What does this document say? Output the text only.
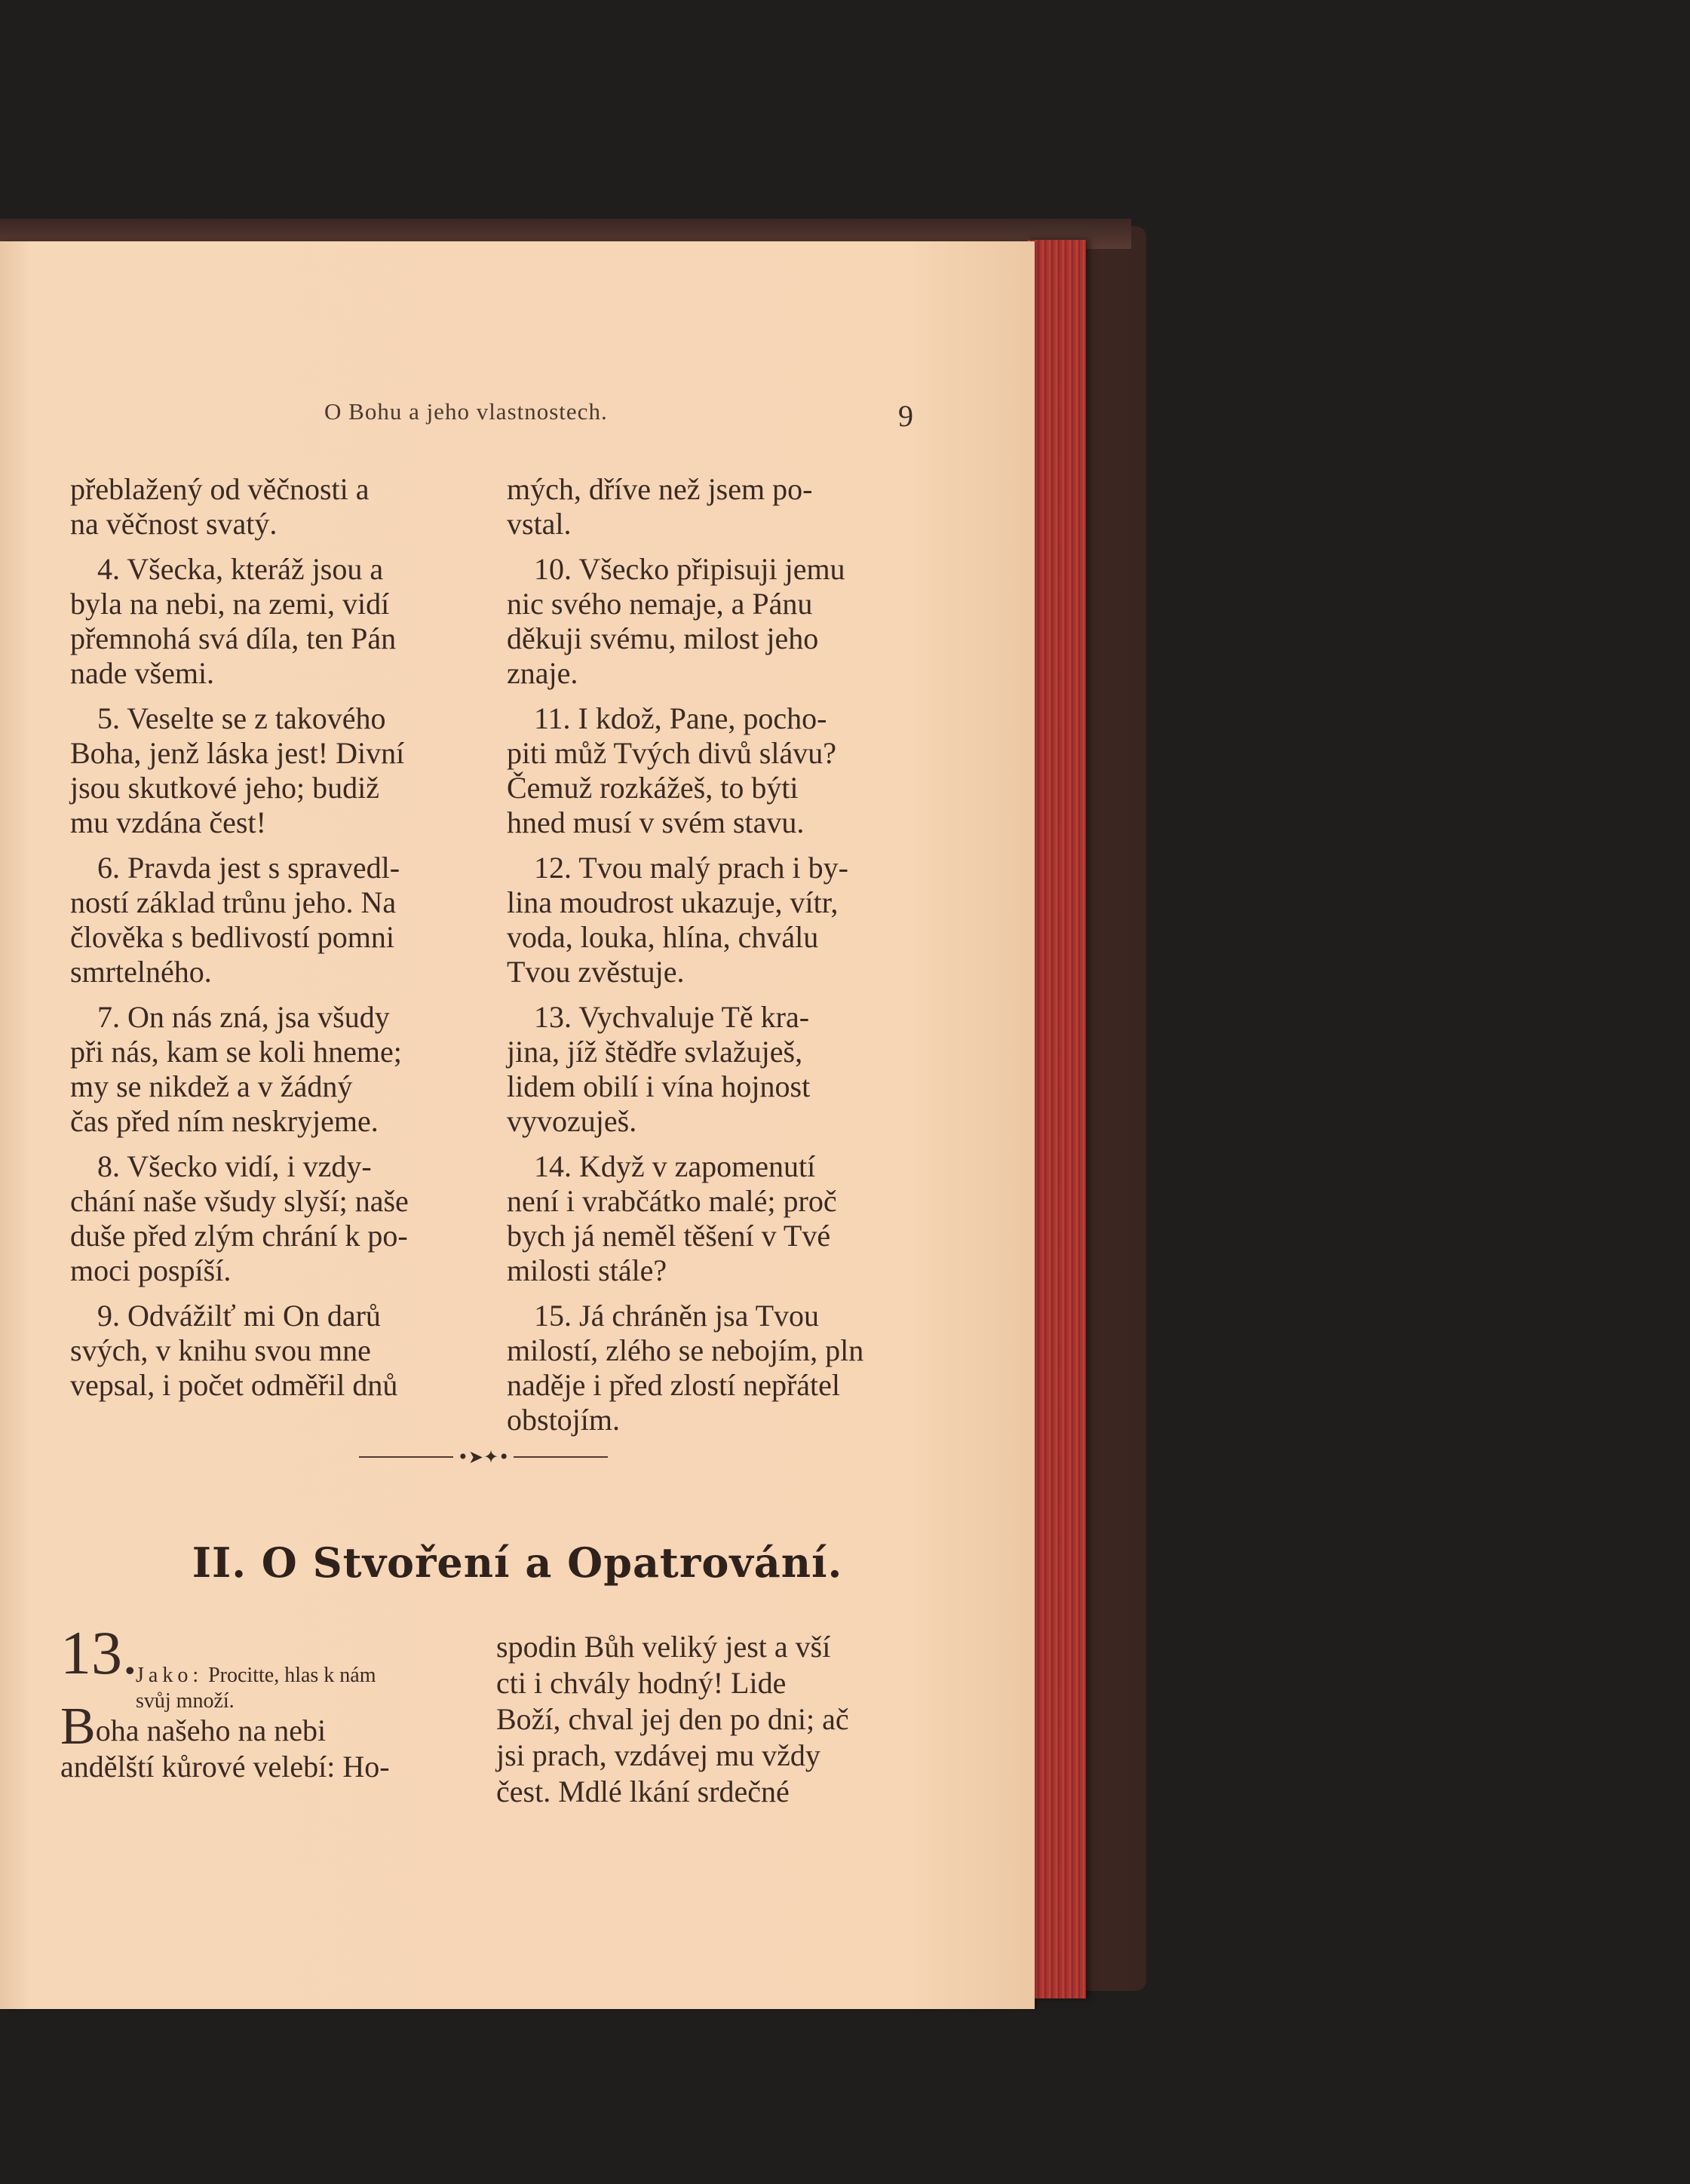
O Bohu a jeho vlastnostech.	9

přeblažený od věčnosti a
na věčnost svatý.

4. Všecka, kteráž jsou a
byla na nebi, na zemi, vidí
přemnohá svá díla, ten Pán
nade všemi.

5. Veselte se z takového
Boha, jenž láska jest! Divní
jsou skutkové jeho; budiž
mu vzdána čest!

6. Pravda jest s spravedl-
ností základ trůnu jeho. Na
člověka s bedlivostí pomni
smrtelného.

7. On nás zná, jsa všudy
při nás, kam se koli hneme;
my se nikdež a v žádný
čas před ním neskryjeme.

8. Všecko vidí, i vzdy-
chání naše všudy slyší; naše
duše před zlým chrání k po-
moci pospíší.

9. Odvážilť mi On darů
svých, v knihu svou mne
vepsal, i počet odměřil dnů

mých, dříve než jsem po-
vstal.

10. Všecko připisuji jemu
nic svého nemaje, a Pánu
děkuji svému, milost jeho
znaje.

11. I kdož, Pane, pocho-
piti můž Tvých divů slávu?
Čemuž rozkážeš, to býti
hned musí v svém stavu.

12. Tvou malý prach i by-
lina moudrost ukazuje, vítr,
voda, louka, hlína, chválu
Tvou zvěstuje.

13. Vychvaluje Tě kra-
jina, jíž štědře svlažuješ,
lidem obilí i vína hojnost
vyvozuješ.

14. Když v zapomenutí
není i vrabčátko malé; proč
bych já neměl těšení v Tvé
milosti stále?

15. Já chráněn jsa Tvou
milostí, zlého se nebojím, pln
naděje i před zlostí nepřátel
obstojím.

•➤✦•
II. O Stvoření a Opatrování.
13.
Jako: Procitte, hlas k nám
svůj množí.
Boha našeho na nebi
andělští kůrové velebí: Ho-
spodin Bůh veliký jest a vší
cti i chvály hodný! Lide
Boží, chval jej den po dni; ač
jsi prach, vzdávej mu vždy
čest. Mdlé lkání srdečné
